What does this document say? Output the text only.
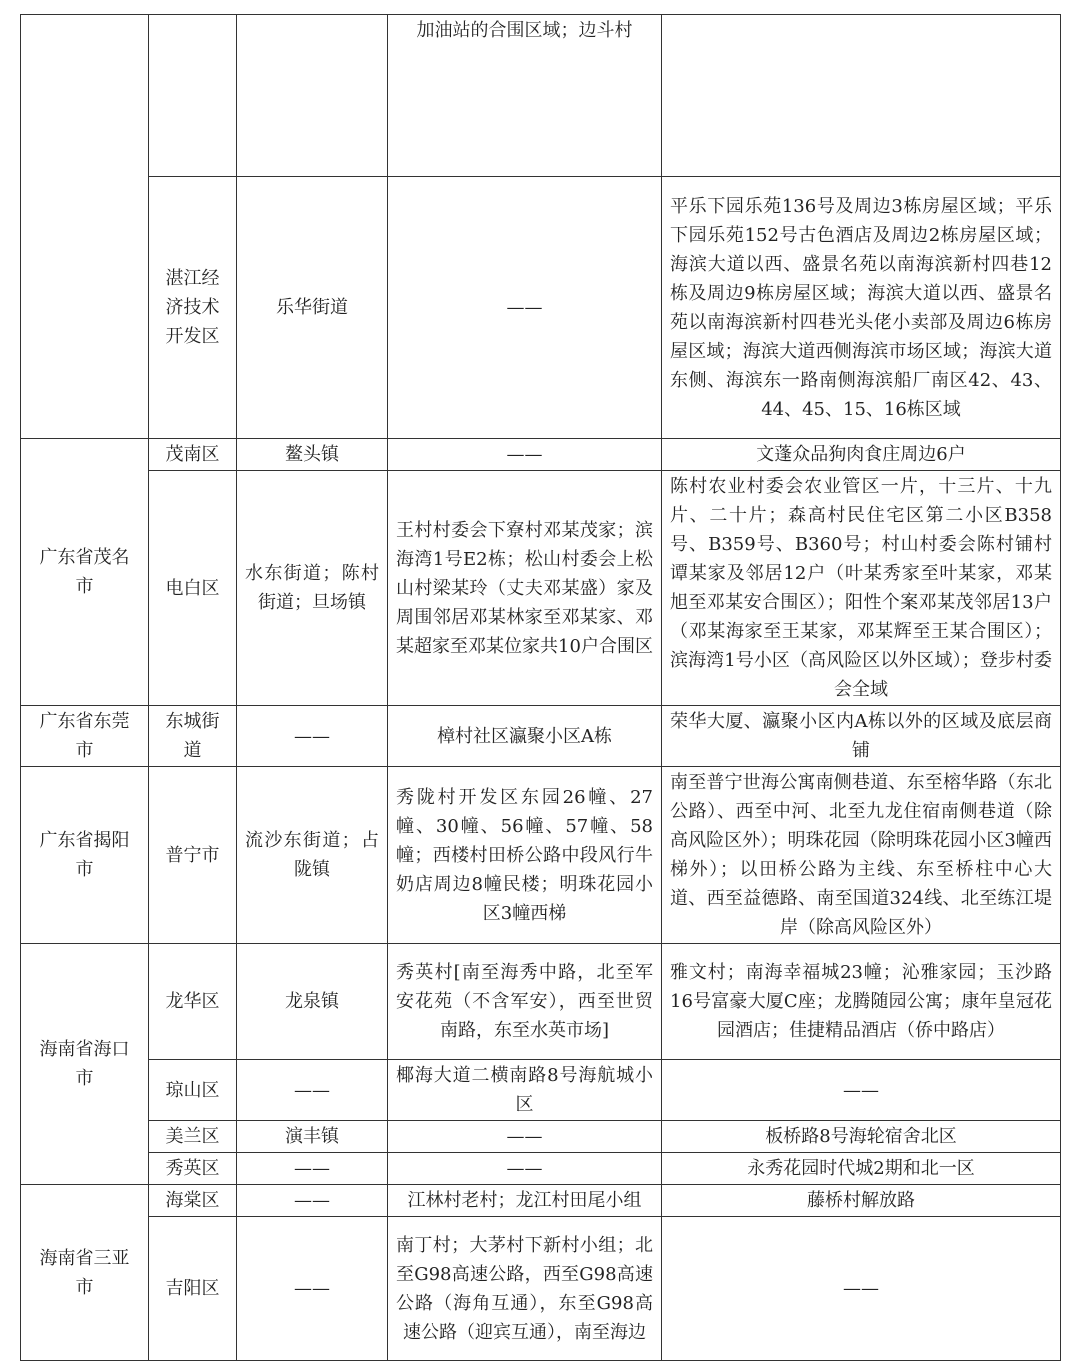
			加油站的合围区域；边斗村	
	湛江经济技术开发区	乐华街道	——	平乐下园乐苑136号及周边3栋房屋区域；平乐下园乐苑152号古色酒店及周边2栋房屋区域；海滨大道以西、盛景名苑以南海滨新村四巷12栋及周边9栋房屋区域；海滨大道以西、盛景名苑以南海滨新村四巷光头佬小卖部及周边6栋房屋区域；海滨大道西侧海滨市场区域；海滨大道东侧、海滨东一路南侧海滨船厂南区42、43、44、45、15、16栋区域
广东省茂名市	茂南区	鳌头镇	——	文蓬众品狗肉食庄周边6户
	电白区	水东街道；陈村街道；旦场镇	王村村委会下寮村邓某茂家；滨海湾1号E2栋；松山村委会上松山村梁某玲（丈夫邓某盛）家及周围邻居邓某林家至邓某家、邓某超家至邓某位家共10户合围区	陈村农业村委会农业管区一片，十三片、十九片、二十片；森高村民住宅区第二小区B358号、B359号、B360号；村山村委会陈村铺村谭某家及邻居12户（叶某秀家至叶某家，邓某旭至邓某安合围区）；阳性个案邓某茂邻居13户（邓某海家至王某家，邓某辉至王某合围区）；滨海湾1号小区（高风险区以外区域）；登步村委会全域
广东省东莞市	东城街道	——	樟村社区瀛聚小区A栋	荣华大厦、瀛聚小区内A栋以外的区域及底层商铺
广东省揭阳市	普宁市	流沙东街道；占陇镇	秀陇村开发区东园26幢、27幢、30幢、56幢、57幢、58幢；西楼村田桥公路中段风行牛奶店周边8幢民楼；明珠花园小区3幢西梯	南至普宁世海公寓南侧巷道、东至榕华路（东北公路）、西至中河、北至九龙住宿南侧巷道（除高风险区外）；明珠花园（除明珠花园小区3幢西梯外）；以田桥公路为主线、东至桥柱中心大道、西至益德路、南至国道324线、北至练江堤岸（除高风险区外）
海南省海口市	龙华区	龙泉镇	秀英村[南至海秀中路，北至军安花苑（不含军安），西至世贸南路，东至水英市场]	雅文村；南海幸福城23幢；沁雅家园；玉沙路16号富豪大厦C座；龙腾随园公寓；康年皇冠花园酒店；佳捷精品酒店（侨中路店）
	琼山区	——	椰海大道二横南路8号海航城小区	——
	美兰区	演丰镇	——	板桥路8号海轮宿舍北区
	秀英区	——	——	永秀花园时代城2期和北一区
海南省三亚市	海棠区	——	江林村老村；龙江村田尾小组	藤桥村解放路
	吉阳区	——	南丁村；大茅村下新村小组；北至G98高速公路，西至G98高速公路（海角互通），东至G98高速公路（迎宾互通），南至海边	——
